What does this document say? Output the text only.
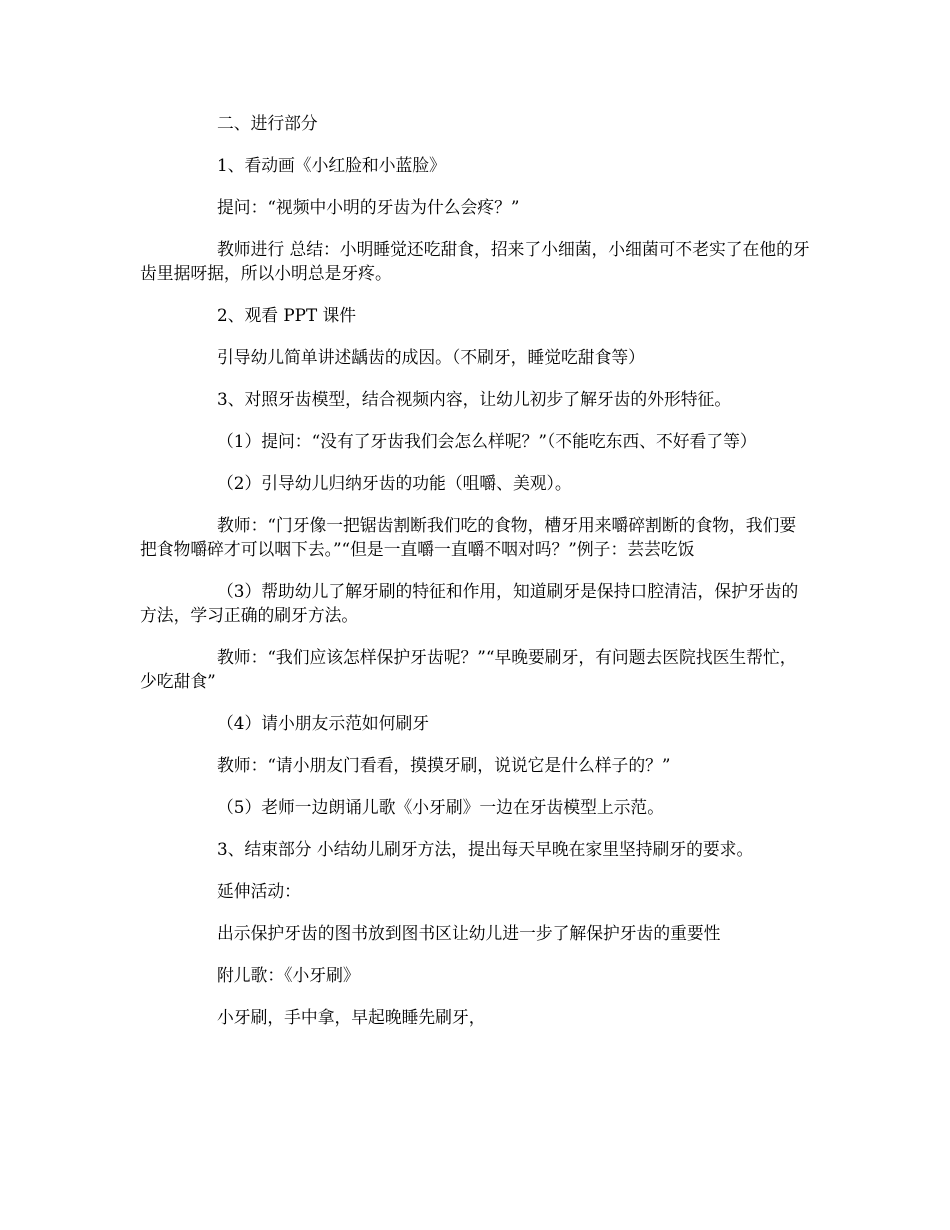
二、进行部分

1、看动画《小红脸和小蓝脸》

提问：“视频中小明的牙齿为什么会疼？”

教师进行 总结：小明睡觉还吃甜食，招来了小细菌，小细菌可不老实了在他的牙齿里据呀据，所以小明总是牙疼。

2、观看 PPT 课件

引导幼儿简单讲述龋齿的成因。（不刷牙，睡觉吃甜食等）

3、对照牙齿模型，结合视频内容，让幼儿初步了解牙齿的外形特征。

（1）提问：“没有了牙齿我们会怎么样呢？”（不能吃东西、不好看了等）

（2）引导幼儿归纳牙齿的功能（咀嚼、美观）。

教师：“门牙像一把锯齿割断我们吃的食物，槽牙用来嚼碎割断的食物，我们要把食物嚼碎才可以咽下去。”“但是一直嚼一直嚼不咽对吗？”例子：芸芸吃饭

（3）帮助幼儿了解牙刷的特征和作用，知道刷牙是保持口腔清洁，保护牙齿的方法，学习正确的刷牙方法。

教师：“我们应该怎样保护牙齿呢？”“早晚要刷牙，有问题去医院找医生帮忙，少吃甜食”

（4）请小朋友示范如何刷牙

教师：“请小朋友门看看，摸摸牙刷，说说它是什么样子的？”

（5）老师一边朗诵儿歌《小牙刷》一边在牙齿模型上示范。

3、结束部分 小结幼儿刷牙方法，提出每天早晚在家里坚持刷牙的要求。

延伸活动：

出示保护牙齿的图书放到图书区让幼儿进一步了解保护牙齿的重要性

附儿歌：《小牙刷》

小牙刷，手中拿，早起晚睡先刷牙，
